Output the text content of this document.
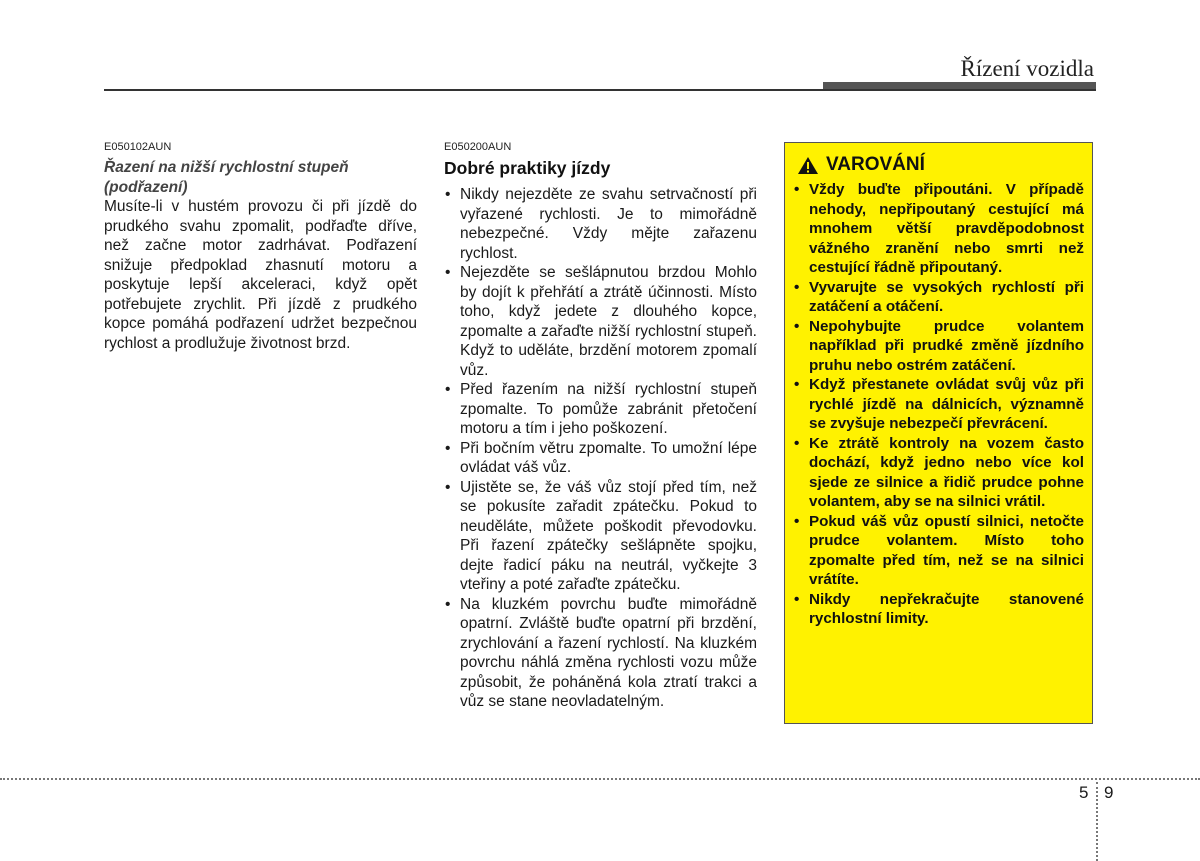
Řízení vozidla
E050102AUN

Řazení na nižší rychlostní stupeň (podřazení)

Musíte-li v hustém provozu či při jízdě do prudkého svahu zpomalit, podřaďte dříve, než začne motor zadrhávat. Podřazení snižuje předpoklad zhasnutí motoru a poskytuje lepší akceleraci, když opět potřebujete zrychlit. Při jízdě z prudkého kopce pomáhá podřazení udržet bezpečnou rychlost a prodlužuje životnost brzd.

E050200AUN

Dobré praktiky jízdy

• Nikdy nejezděte ze svahu setrvačností při vyřazené rychlosti. Je to mimořádně nebezpečné. Vždy mějte zařazenu rychlost.
• Nejezděte se sešlápnutou brzdou Mohlo by dojít k přehřátí a ztrátě účinnosti. Místo toho, když jedete z dlouhého kopce, zpomalte a zařaďte nižší rychlostní stupeň. Když to uděláte, brzdění motorem zpomalí vůz.
• Před řazením na nižší rychlostní stupeň zpomalte. To pomůže zabránit přetočení motoru a tím i jeho poškození.
• Při bočním větru zpomalte. To umožní lépe ovládat váš vůz.
• Ujistěte se, že váš vůz stojí před tím, než se pokusíte zařadit zpátečku. Pokud to neuděláte, můžete poškodit převodovku. Při řazení zpátečky sešlápněte spojku, dejte řadicí páku na neutrál, vyčkejte 3 vteřiny a poté zařaďte zpátečku.
• Na kluzkém povrchu buďte mimořádně opatrní. Zvláště buďte opatrní při brzdění, zrychlování a řazení rychlostí. Na kluzkém povrchu náhlá změna rychlosti vozu může způsobit, že poháněná kola ztratí trakci a vůz se stane neovladatelným.
VAROVÁNÍ
• Vždy buďte připoutáni. V případě nehody, nepřipoutaný cestující má mnohem větší pravděpodobnost vážného zranění nebo smrti než cestující řádně připoutaný.
• Vyvarujte se vysokých rychlostí při zatáčení a otáčení.
• Nepohybujte prudce volantem například při prudké změně jízdního pruhu nebo ostrém zatáčení.
• Když přestanete ovládat svůj vůz při rychlé jízdě na dálnicích, významně se zvyšuje nebezpečí převrácení.
• Ke ztrátě kontroly na vozem často dochází, když jedno nebo více kol sjede ze silnice a řidič prudce pohne volantem, aby se na silnici vrátil.
• Pokud váš vůz opustí silnici, netočte prudce volantem. Místo toho zpomalte před tím, než se na silnici vrátíte.
• Nikdy nepřekračujte stanovené rychlostní limity.
5 9
